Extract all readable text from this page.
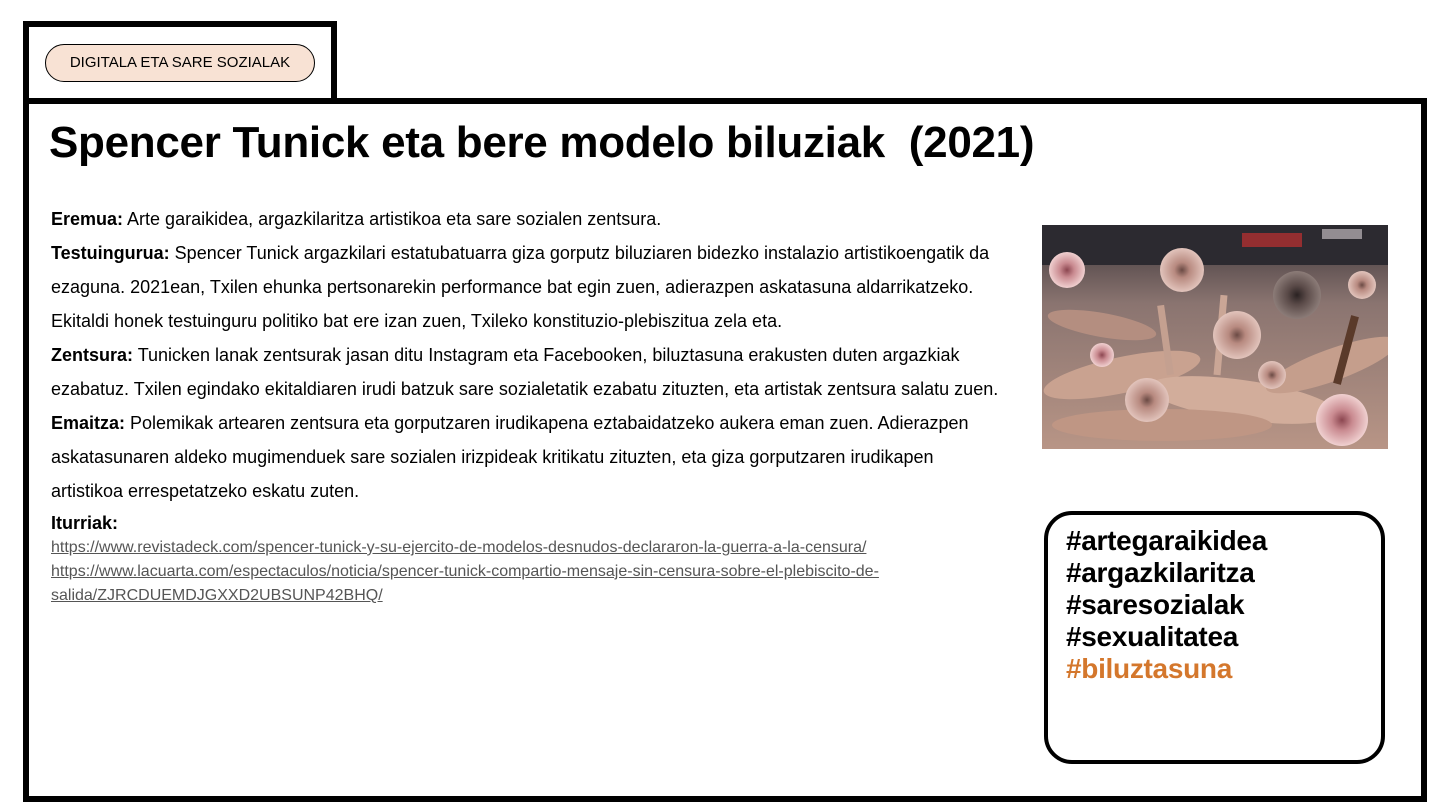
DIGITALA ETA SARE SOZIALAK
Spencer Tunick eta bere modelo biluziak  (2021)

Eremua: Arte garaikidea, argazkilaritza artistikoa eta sare sozialen zentsura.

Testuingurua: Spencer Tunick argazkilari estatubatuarra giza gorputz biluziaren bidezko instalazio artistikoengatik da ezaguna. 2021ean, Txilen ehunka pertsonarekin performance bat egin zuen, adierazpen askatasuna aldarrikatzeko. Ekitaldi honek testuinguru politiko bat ere izan zuen, Txileko konstituzio-plebiszitua zela eta.

Zentsura: Tunicken lanak zentsurak jasan ditu Instagram eta Facebooken, biluztasuna erakusten duten argazkiak ezabatuz. Txilen egindako ekitaldiaren irudi batzuk sare sozialetatik ezabatu zituzten, eta artistak zentsura salatu zuen.

Emaitza: Polemikak artearen zentsura eta gorputzaren irudikapena eztabaidatzeko aukera eman zuen. Adierazpen askatasunaren aldeko mugimenduek sare sozialen irizpideak kritikatu zituzten, eta giza gorputzaren irudikapen artistikoa errespetatzeko eskatu zuten.

Iturriak:
https://www.revistadeck.com/spencer-tunick-y-su-ejercito-de-modelos-desnudos-declararon-la-guerra-a-la-censura/
https://www.lacuarta.com/espectaculos/noticia/spencer-tunick-compartio-mensaje-sin-censura-sobre-el-plebiscito-de-salida/ZJRCDUEMDJGXXD2UBSUNP42BHQ/
#artegaraikidea
#argazkilaritza
#saresozialak
#sexualitatea
#biluztasuna
